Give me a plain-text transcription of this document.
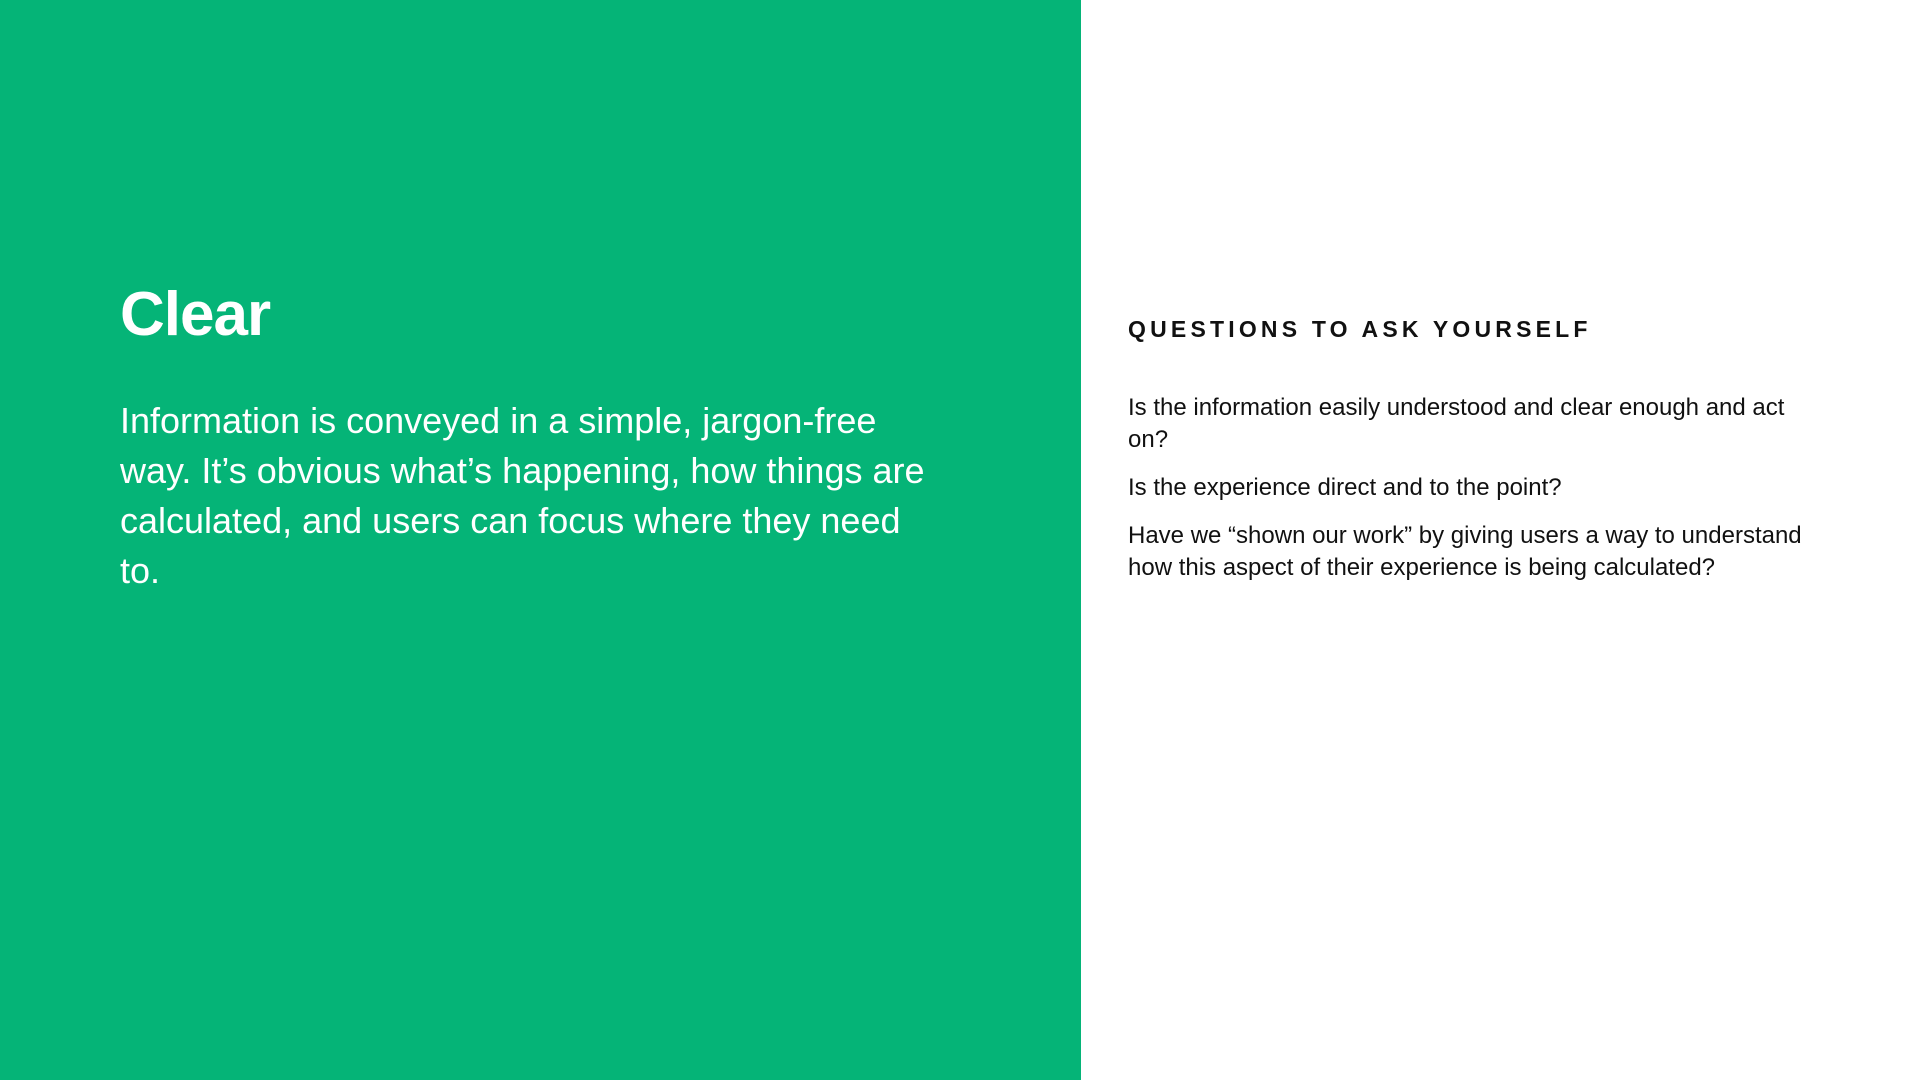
Clear

Information is conveyed in a simple, jargon-free way. It’s obvious what’s happening, how things are calculated, and users can focus where they need to.

QUESTIONS TO ASK YOURSELF
Is the information easily understood and clear enough and act on?
Is the experience direct and to the point?
Have we “shown our work” by giving users a way to understand how this aspect of their experience is being calculated?
